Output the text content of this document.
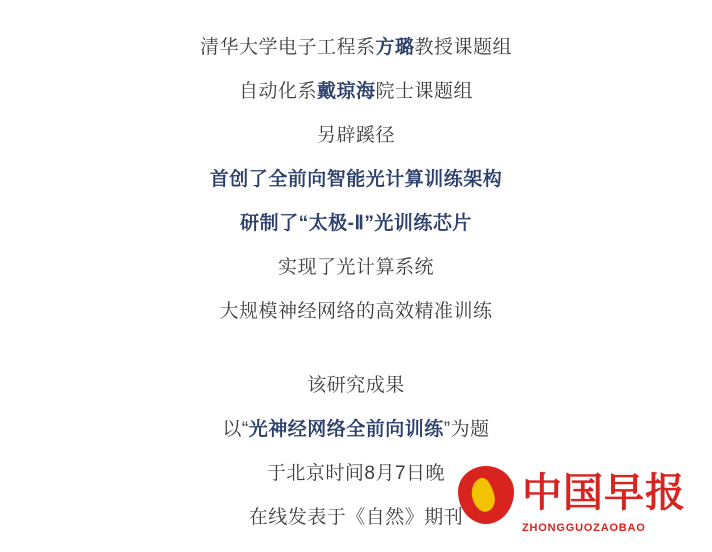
清华大学电子工程系方璐教授课题组
自动化系戴琼海院士课题组
另辟蹊径
首创了全前向智能光计算训练架构
研制了“太极-Ⅱ”光训练芯片
实现了光计算系统
大规模神经网络的高效精准训练
该研究成果
以“光神经网络全前向训练”为题
于北京时间8月7日晚
在线发表于《自然》期刊
中国早报
ZHONGGUOZAOBAO
